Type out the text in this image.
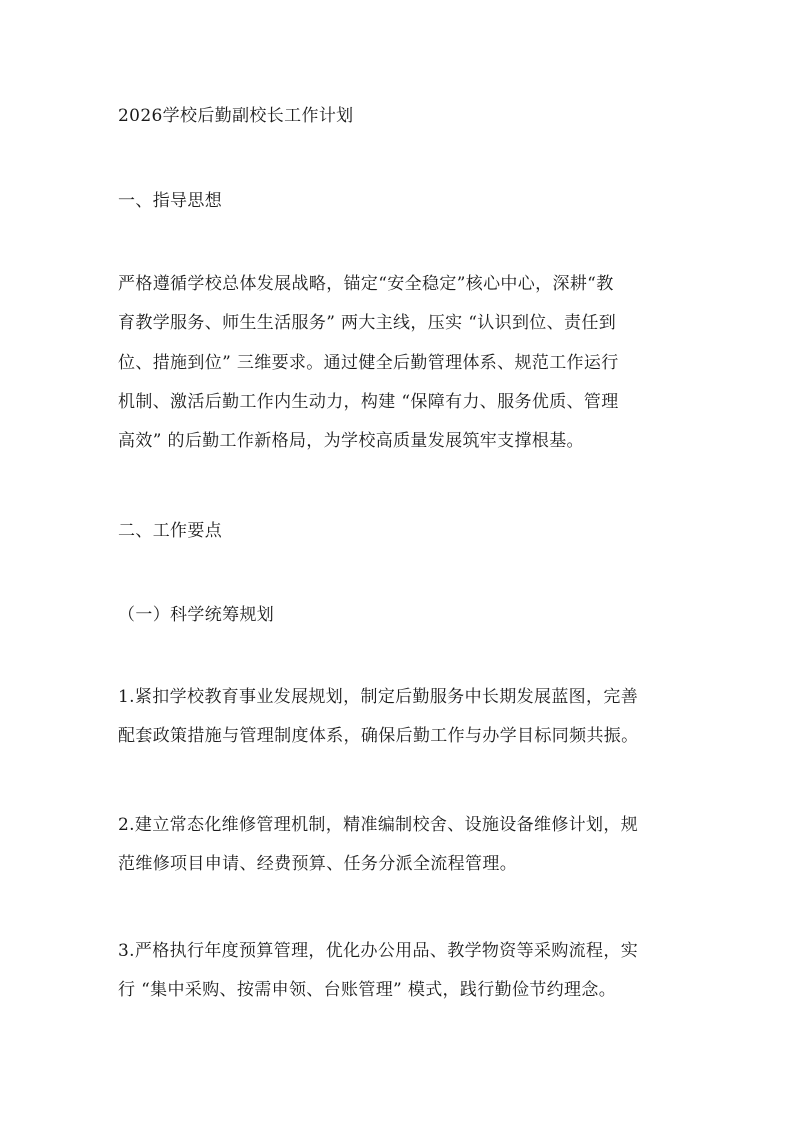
2026学校后勤副校长工作计划
一、指导思想
严格遵循学校总体发展战略，锚定“安全稳定”核心中心，深耕“教
育教学服务、师生生活服务” 两大主线，压实 “认识到位、责任到
位、措施到位” 三维要求。通过健全后勤管理体系、规范工作运行
机制、激活后勤工作内生动力，构建 “保障有力、服务优质、管理
高效” 的后勤工作新格局，为学校高质量发展筑牢支撑根基。
二、工作要点
（一）科学统筹规划
1.紧扣学校教育事业发展规划，制定后勤服务中长期发展蓝图，完善
配套政策措施与管理制度体系，确保后勤工作与办学目标同频共振。
2.建立常态化维修管理机制，精准编制校舍、设施设备维修计划，规
范维修项目申请、经费预算、任务分派全流程管理。
3.严格执行年度预算管理，优化办公用品、教学物资等采购流程，实
行 “集中采购、按需申领、台账管理” 模式，践行勤俭节约理念。
